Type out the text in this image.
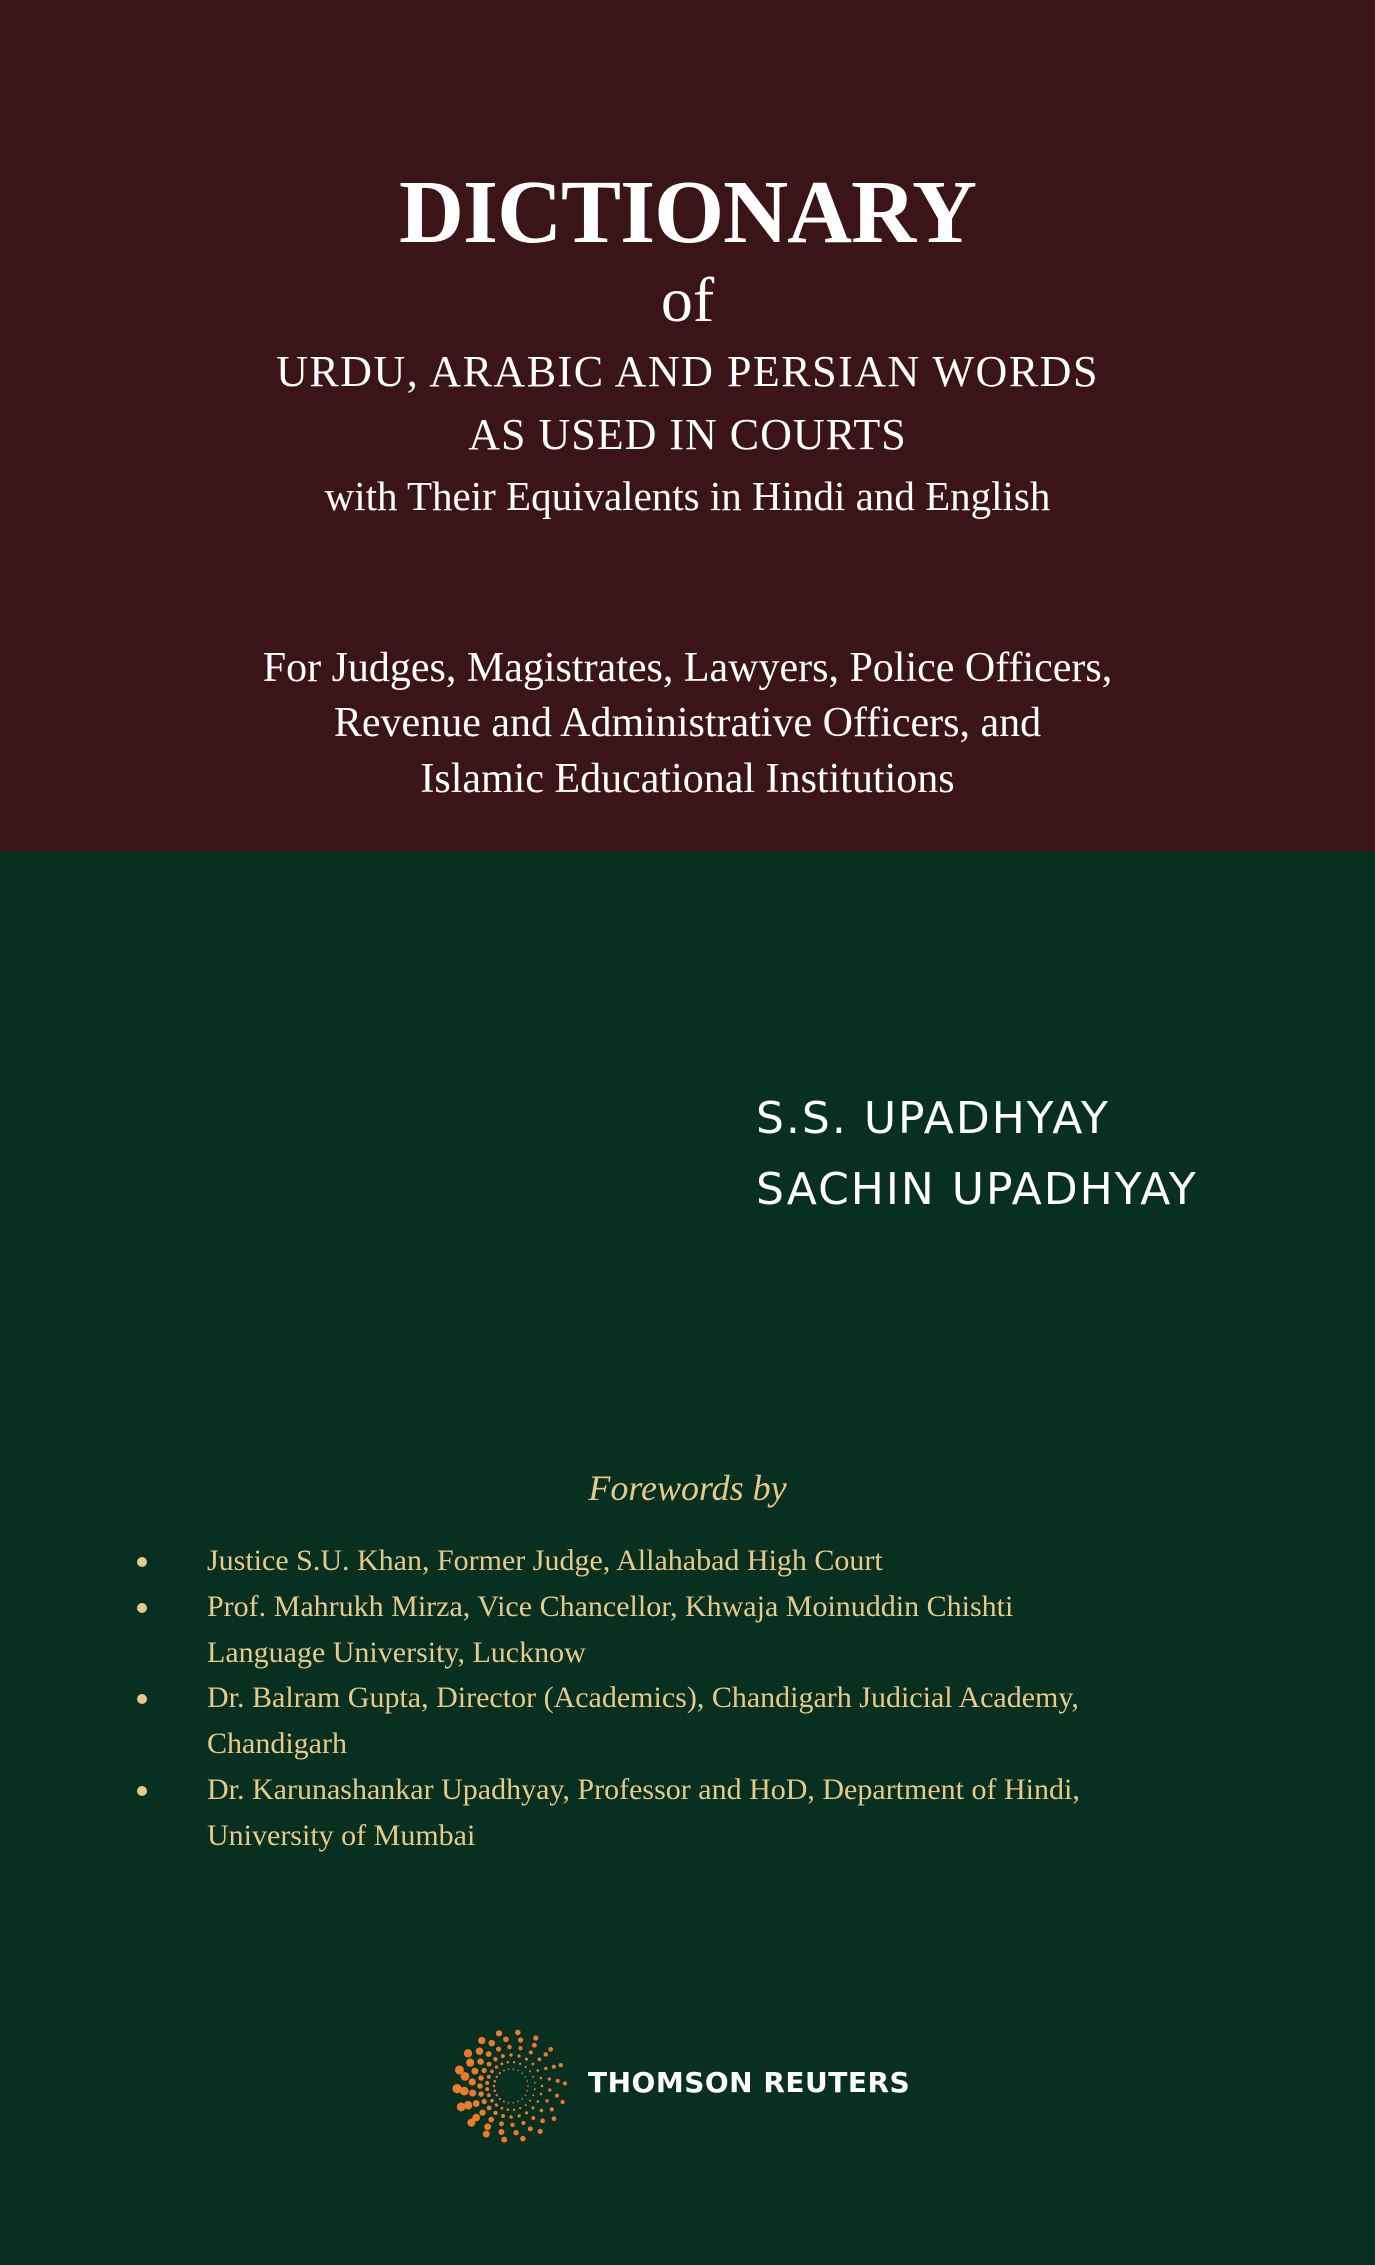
DICTIONARY
of
URDU, ARABIC AND PERSIAN WORDS
AS USED IN COURTS
with Their Equivalents in Hindi and English
For Judges, Magistrates, Lawyers, Police Officers,
Revenue and Administrative Officers, and
Islamic Educational Institutions
S.S. UPADHYAY
SACHIN UPADHYAY
Forewords by
Justice S.U. Khan, Former Judge, Allahabad High Court
Prof. Mahrukh Mirza, Vice Chancellor, Khwaja Moinuddin Chishti
Language University, Lucknow
Dr. Balram Gupta, Director (Academics), Chandigarh Judicial Academy,
Chandigarh
Dr. Karunashankar Upadhyay, Professor and HoD, Department of Hindi,
University of Mumbai
THOMSON REUTERS
